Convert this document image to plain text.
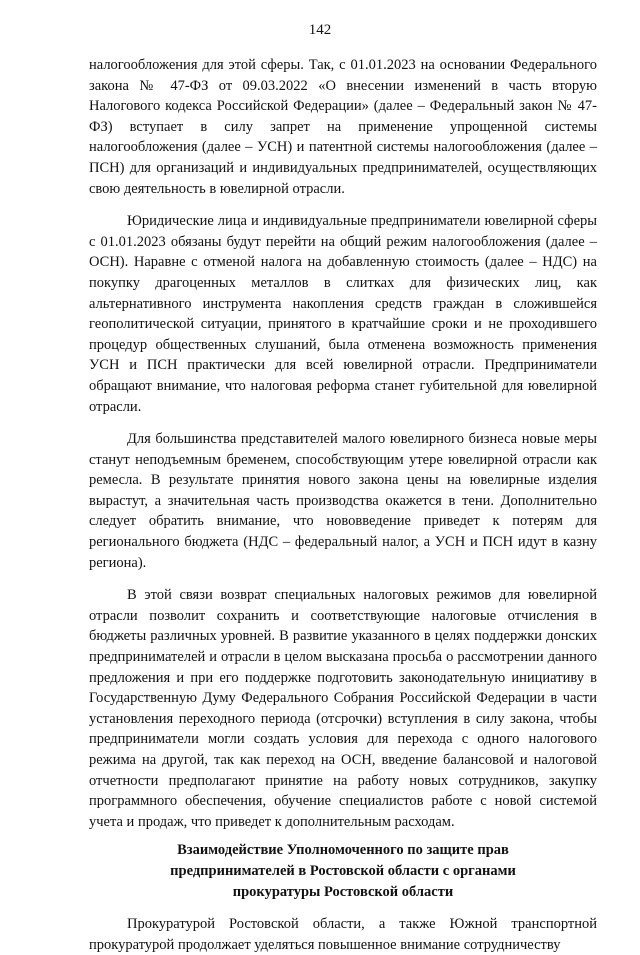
142

налогообложения для этой сферы. Так, с 01.01.2023 на основании Федерального закона № 47-ФЗ от 09.03.2022 «О внесении изменений в часть вторую Налогового кодекса Российской Федерации» (далее – Федеральный закон № 47-ФЗ) вступает в силу запрет на применение упрощенной системы налогообложения (далее – УСН) и патентной системы налогообложения (далее – ПСН) для организаций и индивидуальных предпринимателей, осуществляющих свою деятельность в ювелирной отрасли.

Юридические лица и индивидуальные предприниматели ювелирной сферы с 01.01.2023 обязаны будут перейти на общий режим налогообложения (далее – ОСН). Наравне с отменой налога на добавленную стоимость (далее – НДС) на покупку драгоценных металлов в слитках для физических лиц, как альтернативного инструмента накопления средств граждан в сложившейся геополитической ситуации, принятого в кратчайшие сроки и не проходившего процедур общественных слушаний, была отменена возможность применения УСН и ПСН практически для всей ювелирной отрасли. Предприниматели обращают внимание, что налоговая реформа станет губительной для ювелирной отрасли.

Для большинства представителей малого ювелирного бизнеса новые меры станут неподъемным бременем, способствующим утере ювелирной отрасли как ремесла. В результате принятия нового закона цены на ювелирные изделия вырастут, а значительная часть производства окажется в тени. Дополнительно следует обратить внимание, что нововведение приведет к потерям для регионального бюджета (НДС – федеральный налог, а УСН и ПСН идут в казну региона).

В этой связи возврат специальных налоговых режимов для ювелирной отрасли позволит сохранить и соответствующие налоговые отчисления в бюджеты различных уровней. В развитие указанного в целях поддержки донских предпринимателей и отрасли в целом высказана просьба о рассмотрении данного предложения и при его поддержке подготовить законодательную инициативу в Государственную Думу Федерального Собрания Российской Федерации в части установления переходного периода (отсрочки) вступления в силу закона, чтобы предприниматели могли создать условия для перехода с одного налогового режима на другой, так как переход на ОСН, введение балансовой и налоговой отчетности предполагают принятие на работу новых сотрудников, закупку программного обеспечения, обучение специалистов работе с новой системой учета и продаж, что приведет к дополнительным расходам.

Взаимодействие Уполномоченного по защите прав
предпринимателей в Ростовской области с органами
прокуратуры Ростовской области

Прокуратурой Ростовской области, а также Южной транспортной прокуратурой продолжает уделяться повышенное внимание сотрудничеству
